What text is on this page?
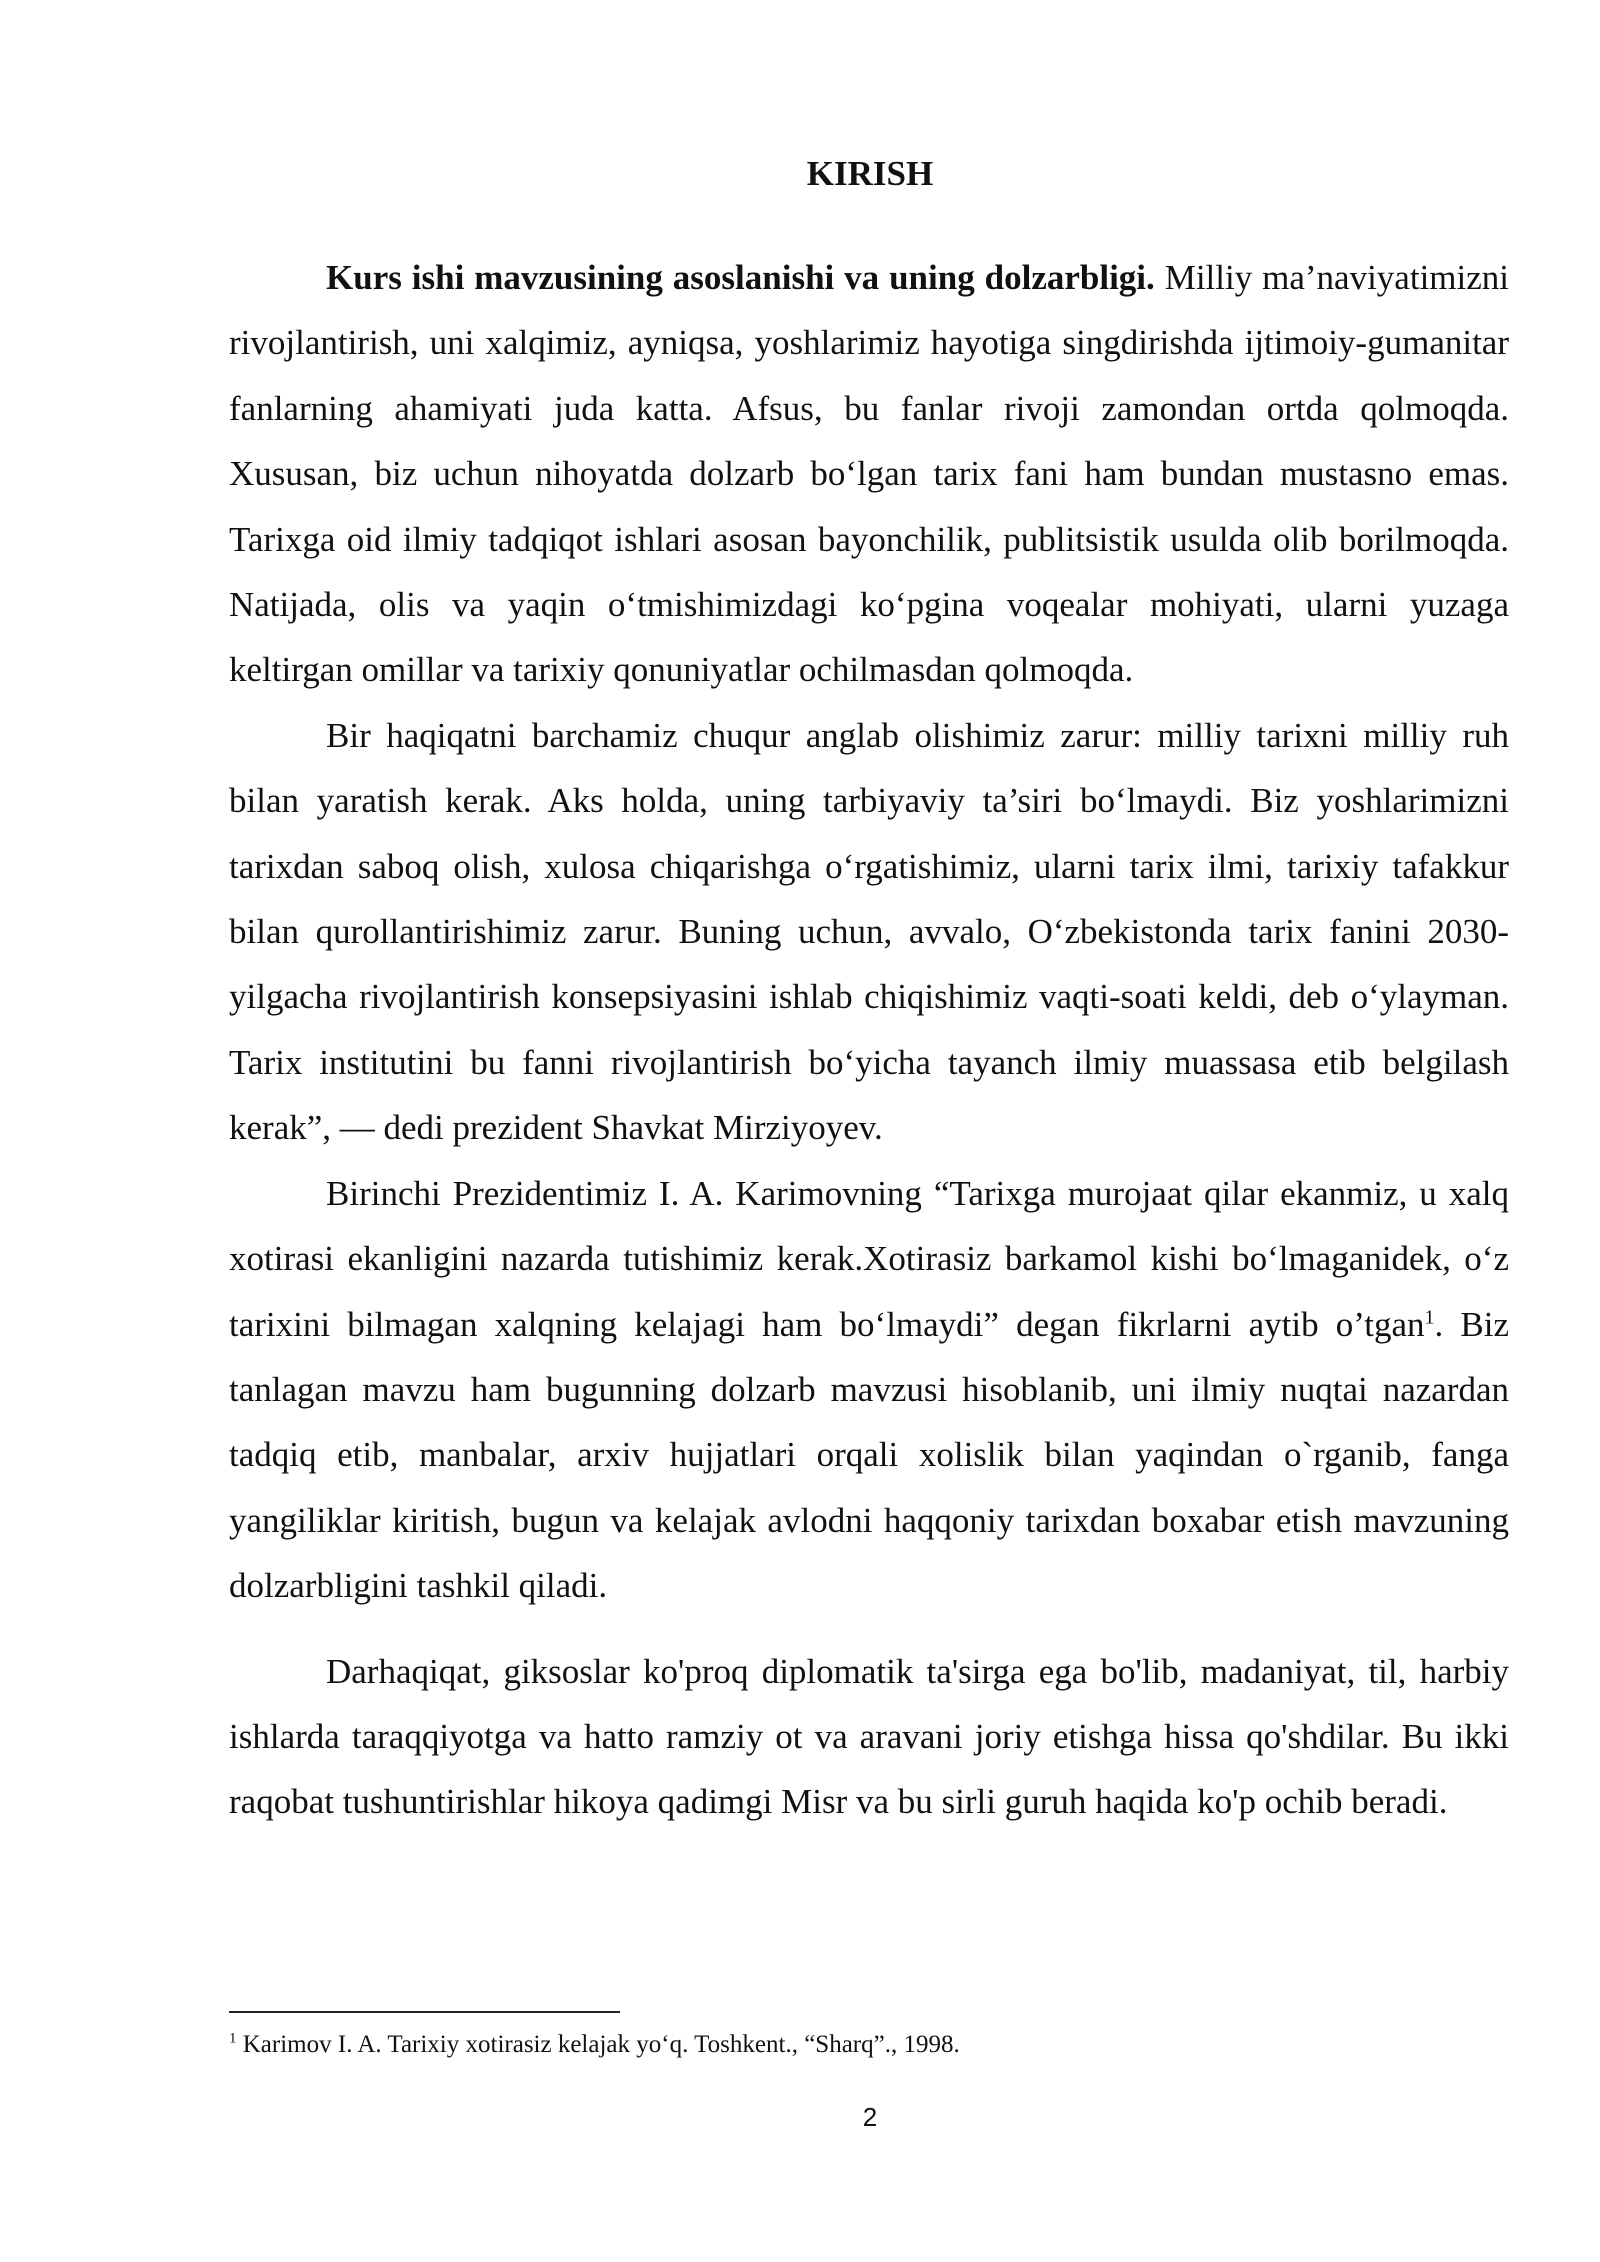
KIRISH

Kurs ishi mavzusining asoslanishi va uning dolzarbligi. Milliy ma’naviyatimizni rivojlantirish, uni xalqimiz, ayniqsa, yoshlarimiz hayotiga singdirishda ijtimoiy-gumanitar fanlarning ahamiyati juda katta. Afsus, bu fanlar rivoji zamondan ortda qolmoqda. Xususan, biz uchun nihoyatda dolzarb boʻlgan tarix fani ham bundan mustasno emas. Tarixga oid ilmiy tadqiqot ishlari asosan bayonchilik, publitsistik usulda olib borilmoqda. Natijada, olis va yaqin oʻtmishimizdagi koʻpgina voqealar mohiyati, ularni yuzaga keltirgan omillar va tarixiy qonuniyatlar ochilmasdan qolmoqda.

Bir haqiqatni barchamiz chuqur anglab olishimiz zarur: milliy tarixni milliy ruh bilan yaratish kerak. Aks holda, uning tarbiyaviy ta’siri boʻlmaydi. Biz yoshlarimizni tarixdan saboq olish, xulosa chiqarishga oʻrgatishimiz, ularni tarix ilmi, tarixiy tafakkur bilan qurollantirishimiz zarur. Buning uchun, avvalo, Oʻzbekistonda tarix fanini 2030-yilgacha rivojlantirish konsepsiyasini ishlab chiqishimiz vaqti-soati keldi, deb oʻylayman. Tarix institutini bu fanni rivojlantirish boʻyicha tayanch ilmiy muassasa etib belgilash kerak”, — dedi prezident Shavkat Mirziyoyev.

Birinchi Prezidentimiz I. A. Karimovning “Tarixga murojaat qilar ekanmiz, u xalq xotirasi ekanligini nazarda tutishimiz kerak.Xotirasiz barkamol kishi boʻlmaganidek, oʻz tarixini bilmagan xalqning kelajagi ham boʻlmaydi” degan fikrlarni aytib o’tgan$^1$. Biz tanlagan mavzu ham bugunning dolzarb mavzusi hisoblanib, uni ilmiy nuqtai nazardan tadqiq etib, manbalar, arxiv hujjatlari orqali xolislik bilan yaqindan o`rganib, fanga yangiliklar kiritish, bugun va kelajak avlodni haqqoniy tarixdan boxabar etish mavzuning dolzarbligini tashkil qiladi.

Darhaqiqat, giksoslar ko'proq diplomatik ta'sirga ega bo'lib, madaniyat, til, harbiy ishlarda taraqqiyotga va hatto ramziy ot va aravani joriy etishga hissa qo'shdilar. Bu ikki raqobat tushuntirishlar hikoya qadimgi Misr va bu sirli guruh haqida ko'p ochib beradi.

$^1$ Karimov I. A. Tarixiy xotirasiz kelajak yoʻq. Toshkent., “Sharq”., 1998.

2
